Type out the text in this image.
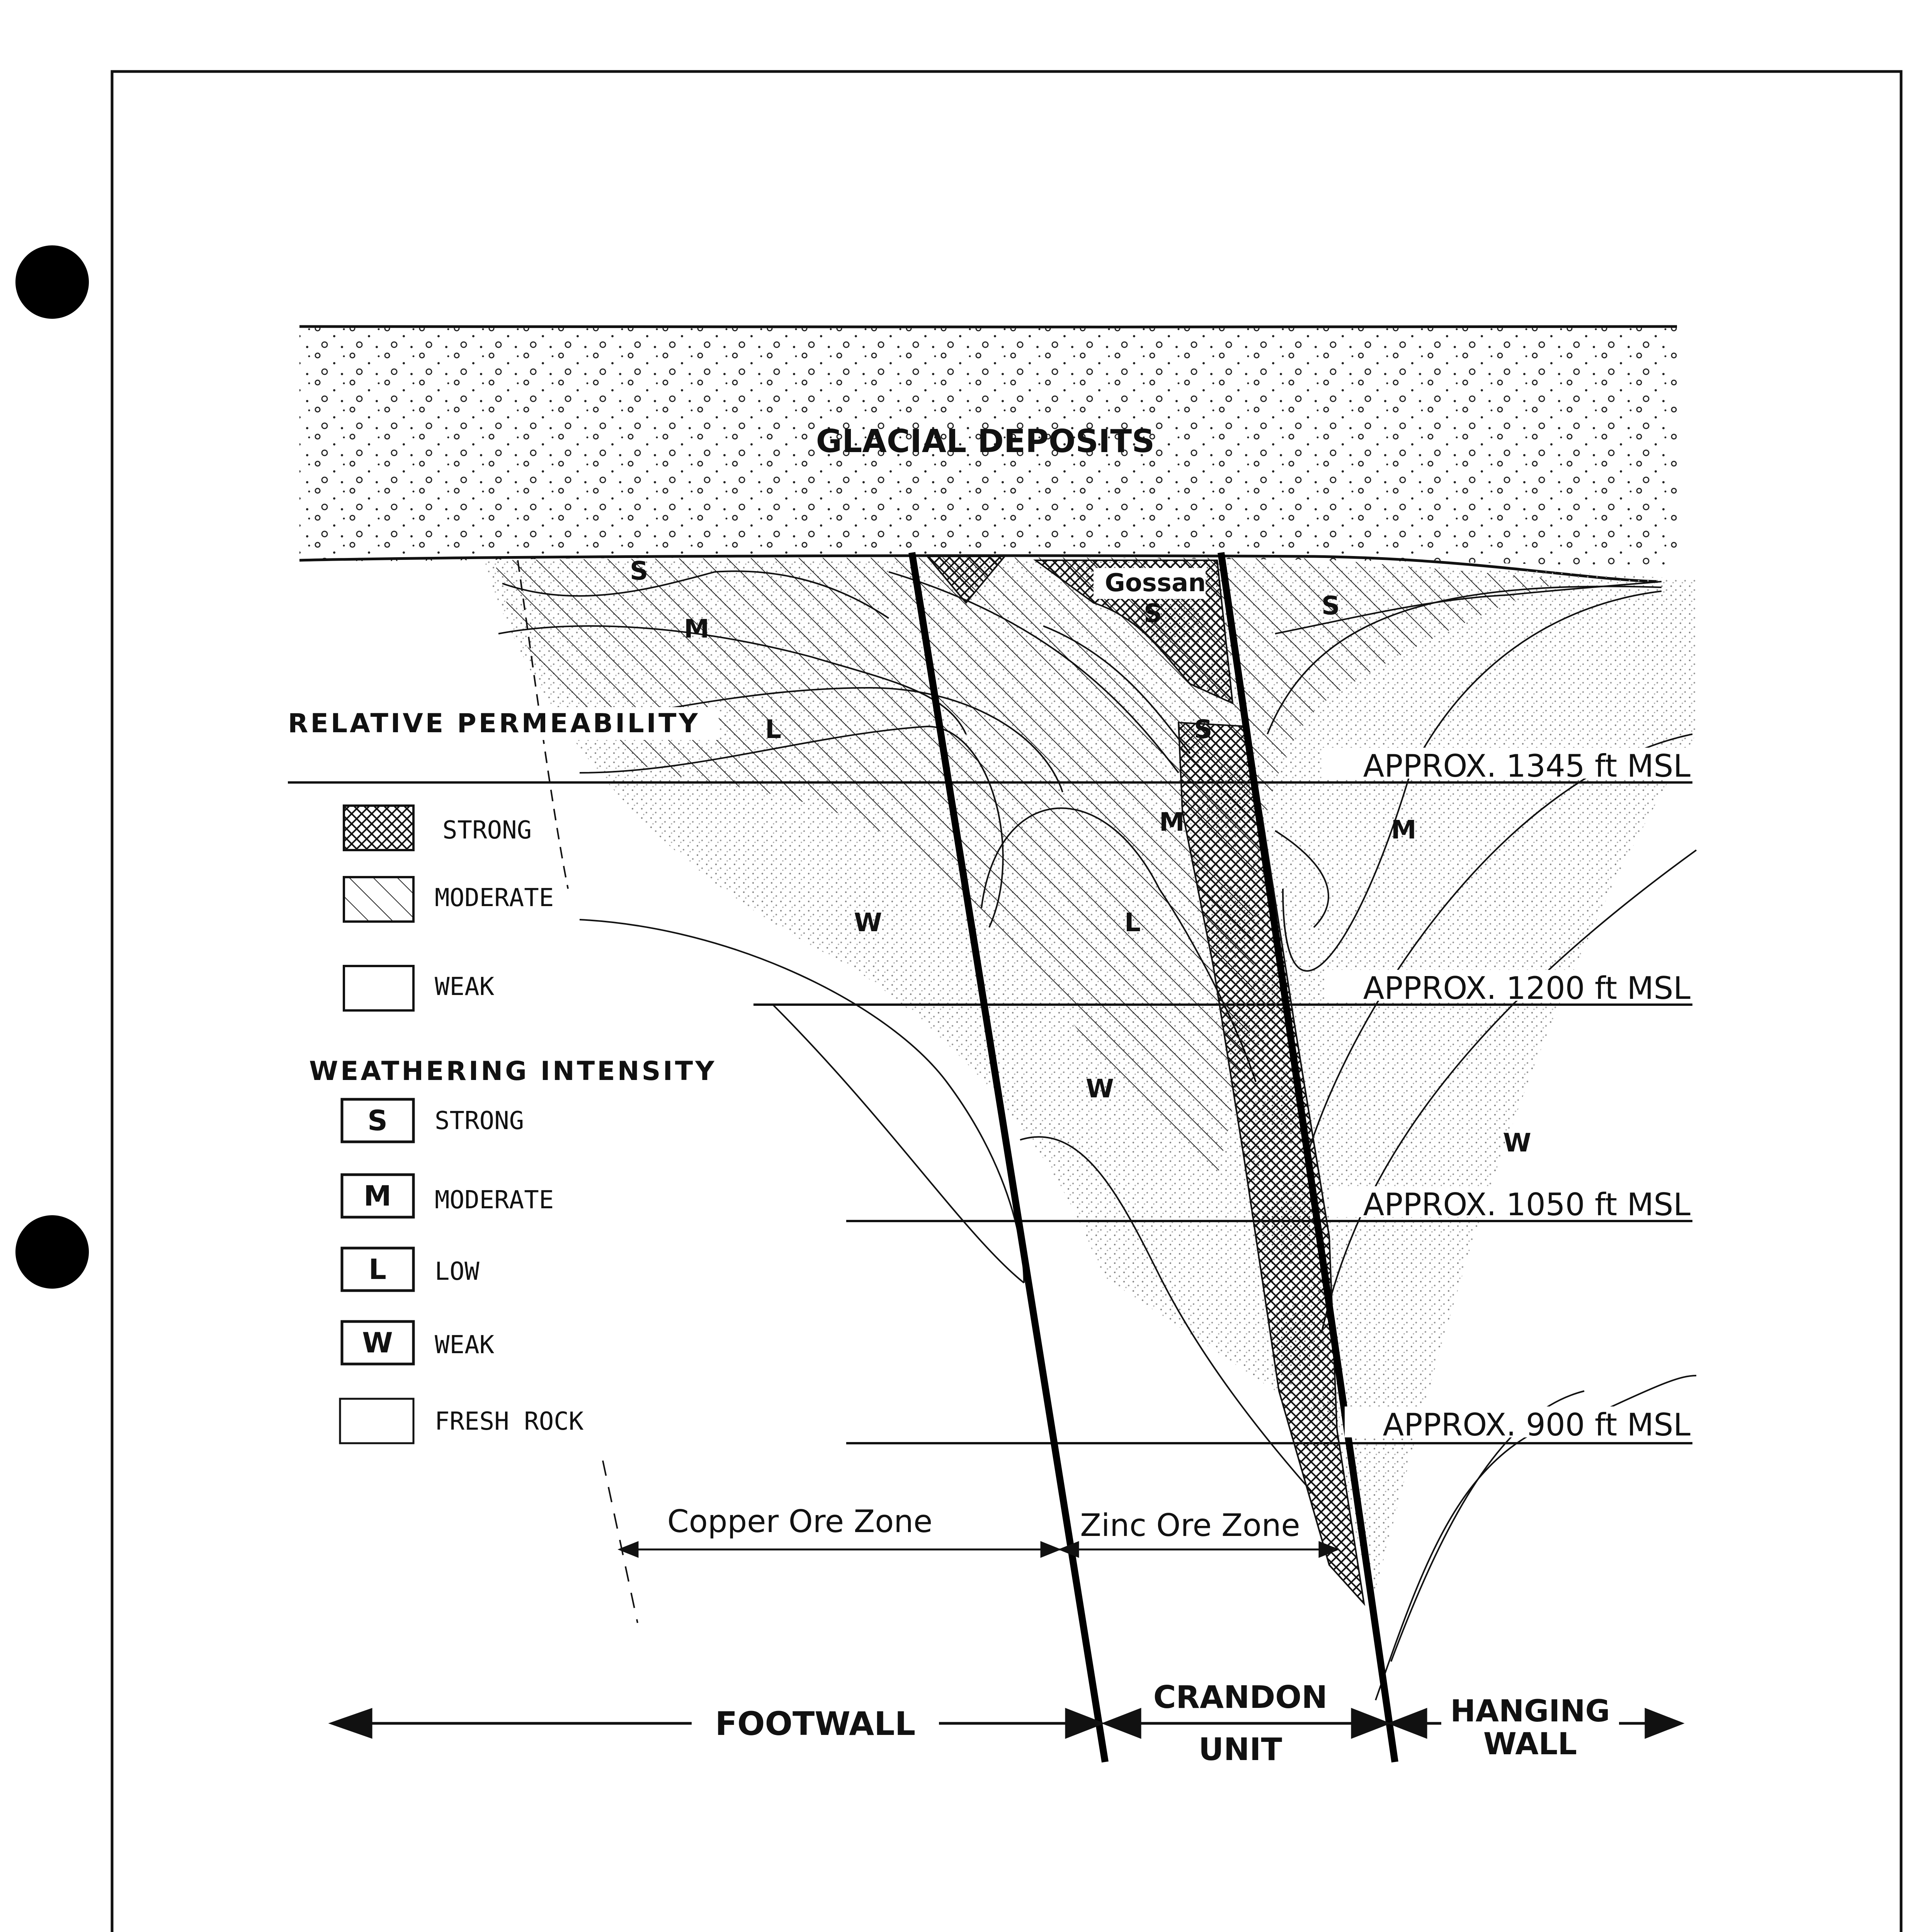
GLACIAL DEPOSITS
Gossan
S
M
L
S
S
S
M	M
W	L
W
W
APPROX. 1345 ft MSL
APPROX. 1200 ft MSL
APPROX. 1050 ft MSL
APPROX. 900 ft MSL
Copper Ore Zone	Zinc Ore Zone
FOOTWALL
CRANDON
UNIT
HANGING
WALL
RELATIVE PERMEABILITY
STRONG
MODERATE
WEAK
WEATHERING INTENSITY
S STRONG
M MODERATE
L LOW
W WEAK
FRESH ROCK
